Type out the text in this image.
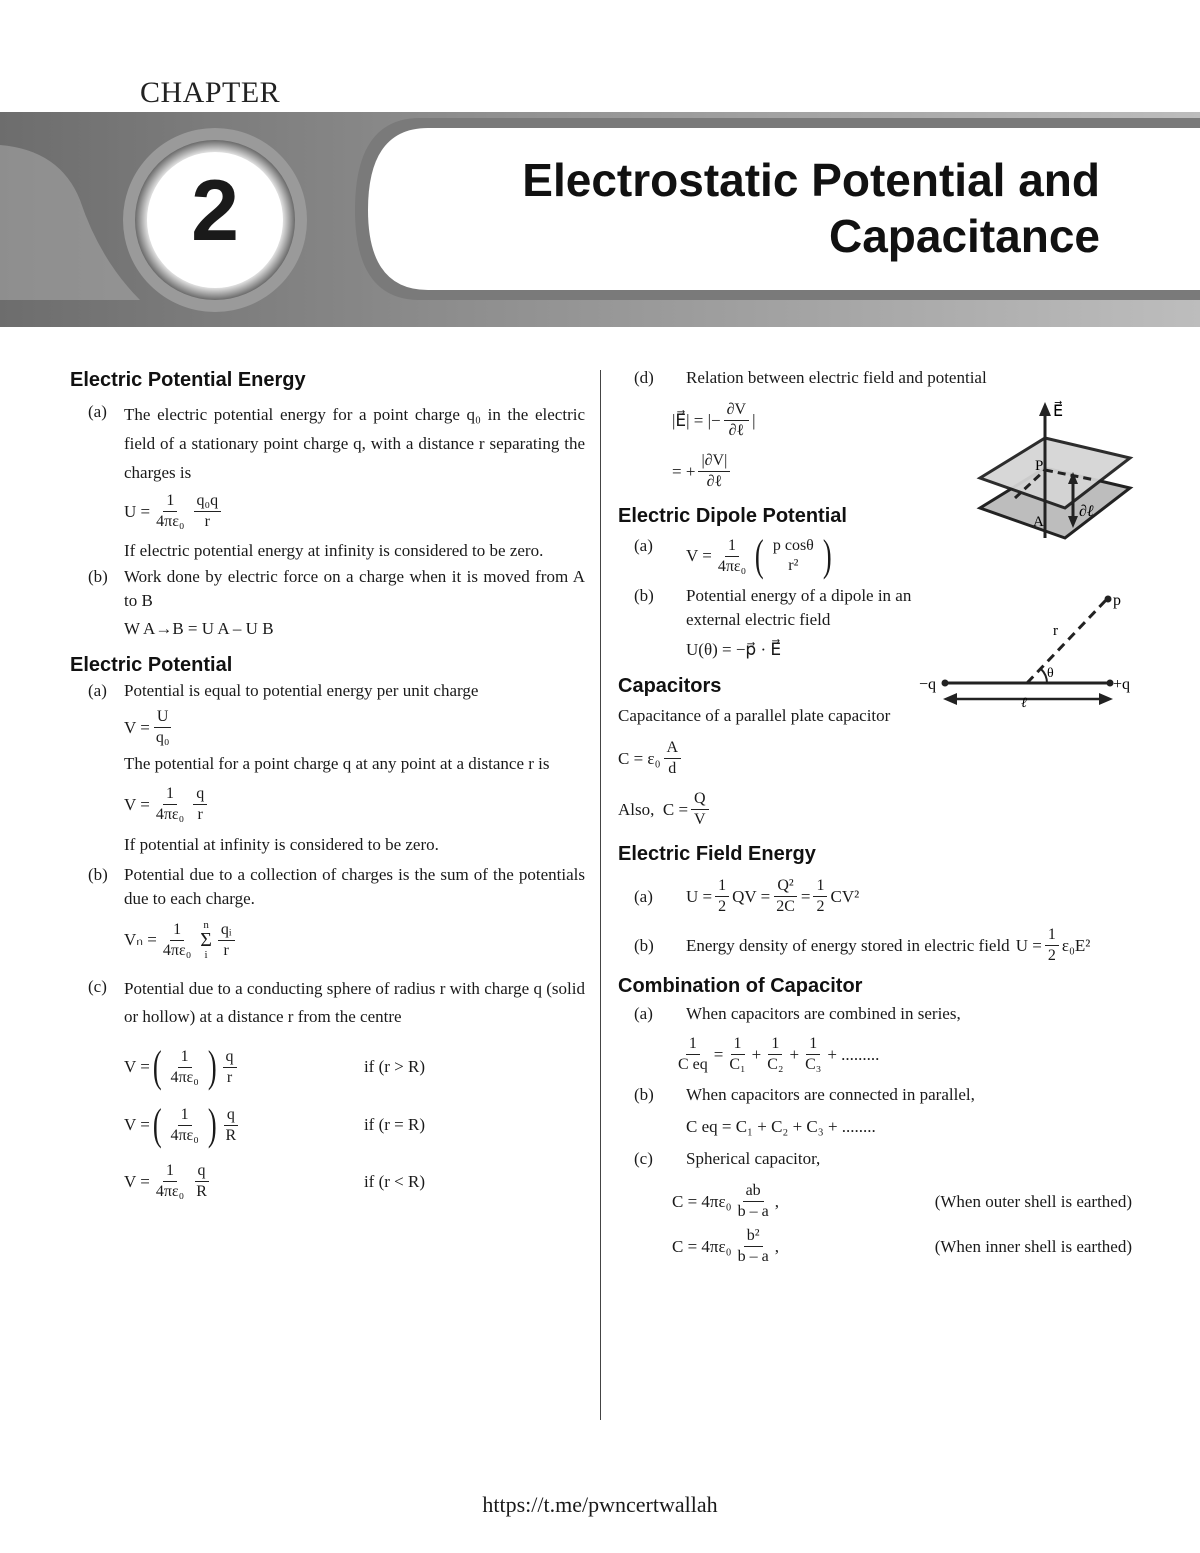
CHAPTER
2	Electrostatic Potential and
Capacitance
Electric Potential Energy
(a)	The electric potential energy for a point charge q₀ in the electric field of a stationary point charge q, with a distance r separating the charges is
$U = \frac{1}{\text{4πε₀}} \frac{\text{q₀q}}{r}$
If electric potential energy at infinity is considered to be zero.
(b) Work done by electric force on a charge when it is moved from A to B
W A→B = U A – U B
Electric Potential
(a)	Potential is equal to potential energy per unit charge
$V = \frac{U}{\text{q₀}}$
The potential for a point charge q at any point at a distance r is
$V = \frac{1}{\text{4πε₀}} \frac{q}{r}$
If potential at infinity is considered to be zero.
(b) Potential due to a collection of charges is the sum of the potentials due to each charge.
$V_n = \frac{1}{\text{4πε₀}}$ n
Σ
i $\frac{\text{qᵢ}}{r}$
(c)	Potential due to a conducting sphere of radius r with charge q (solid or hollow) at a distance r from the centre
V = ( $\frac{1}{\text{4πε₀}}$ ) $\frac{q}{r}$	if (r > R)
V = ( $\frac{1}{\text{4πε₀}}$ ) $\frac{q}{R}$	if (r = R)
$V = \frac{1}{\text{4πε₀}} \frac{q}{R}$	if (r < R)
(d)	Relation between electric field and potential
|E⃗| = |− $\frac{\partial V}{\text{∂ℓ}}$ |
= + $\frac{|\partial V|}{\text{∂ℓ}}$
Electric Dipole Potential
(a)
$V = \frac{1}{\text{4πε₀}}$ ( p cosθ
r² )
(b)	Potential energy of a dipole in an external electric field
U(θ) = −p⃗ · E⃗
Capacitors
Capacitance of a parallel plate capacitor
$C = \varepsilon_0 \frac{A}{d}$
Also,  $C = \frac{Q}{V}$
Electric Field Energy
(a)	$U = \frac{1}{2}$ QV = $\frac{\text{Q²}}{2C} = \frac{1}{2} CV^2$
(b)	Energy density of energy stored in electric field $U = \frac{1}{2} \varepsilon_0E^2$
Combination of Capacitor
(a)	When capacitors are combined in series,
$\frac{1}{\text{C eq}} = \frac{1}{\text{C₁}} + \frac{1}{\text{C₂}} + \frac{1}{\text{C₃}}$ + .........
(b)	When capacitors are connected in parallel,
C eq = C₁ + C₂ + C₃ + ........
(c)	Spherical capacitor,
$C = 4\pi\varepsilon_0 \frac{ab}{b - a}$ ,	(When outer shell is earthed)
$C = 4\pi\varepsilon_0 \frac{\text{b²}}{b - a}$ ,	(When inner shell is earthed)
E⃗
P
A
∂ℓ
p
r
θ
−q	+q
ℓ
https://t.me/pwncertwallah
